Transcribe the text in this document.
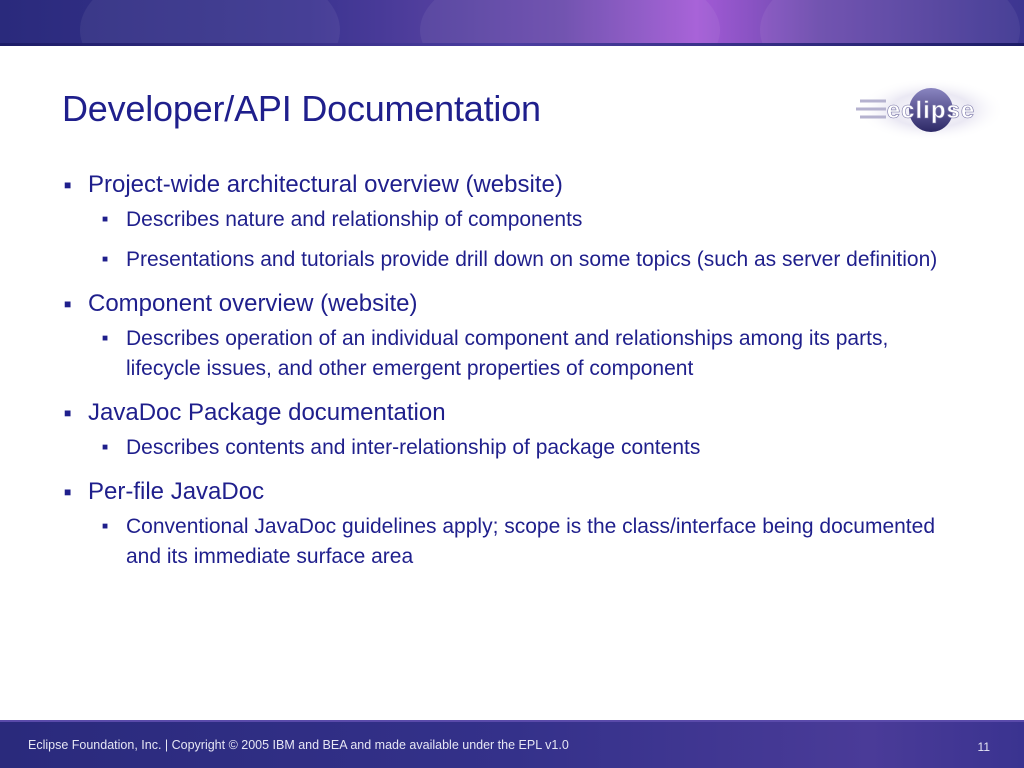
Developer/API Documentation	eclipse
■ Project-wide architectural overview (website)
■ Describes nature and relationship of components
■ Presentations and tutorials provide drill down on some topics (such as server definition)
■ Component overview (website)
■ Describes operation of an individual component and relationships among its parts, lifecycle issues, and other emergent properties of component
■ JavaDoc Package documentation
■ Describes contents and inter-relationship of package contents
■ Per-file JavaDoc
■ Conventional JavaDoc guidelines apply; scope is the class/interface being documented and its immediate surface area
Eclipse Foundation, Inc. | Copyright © 2005 IBM and BEA and made available under the EPL v1.0	11
